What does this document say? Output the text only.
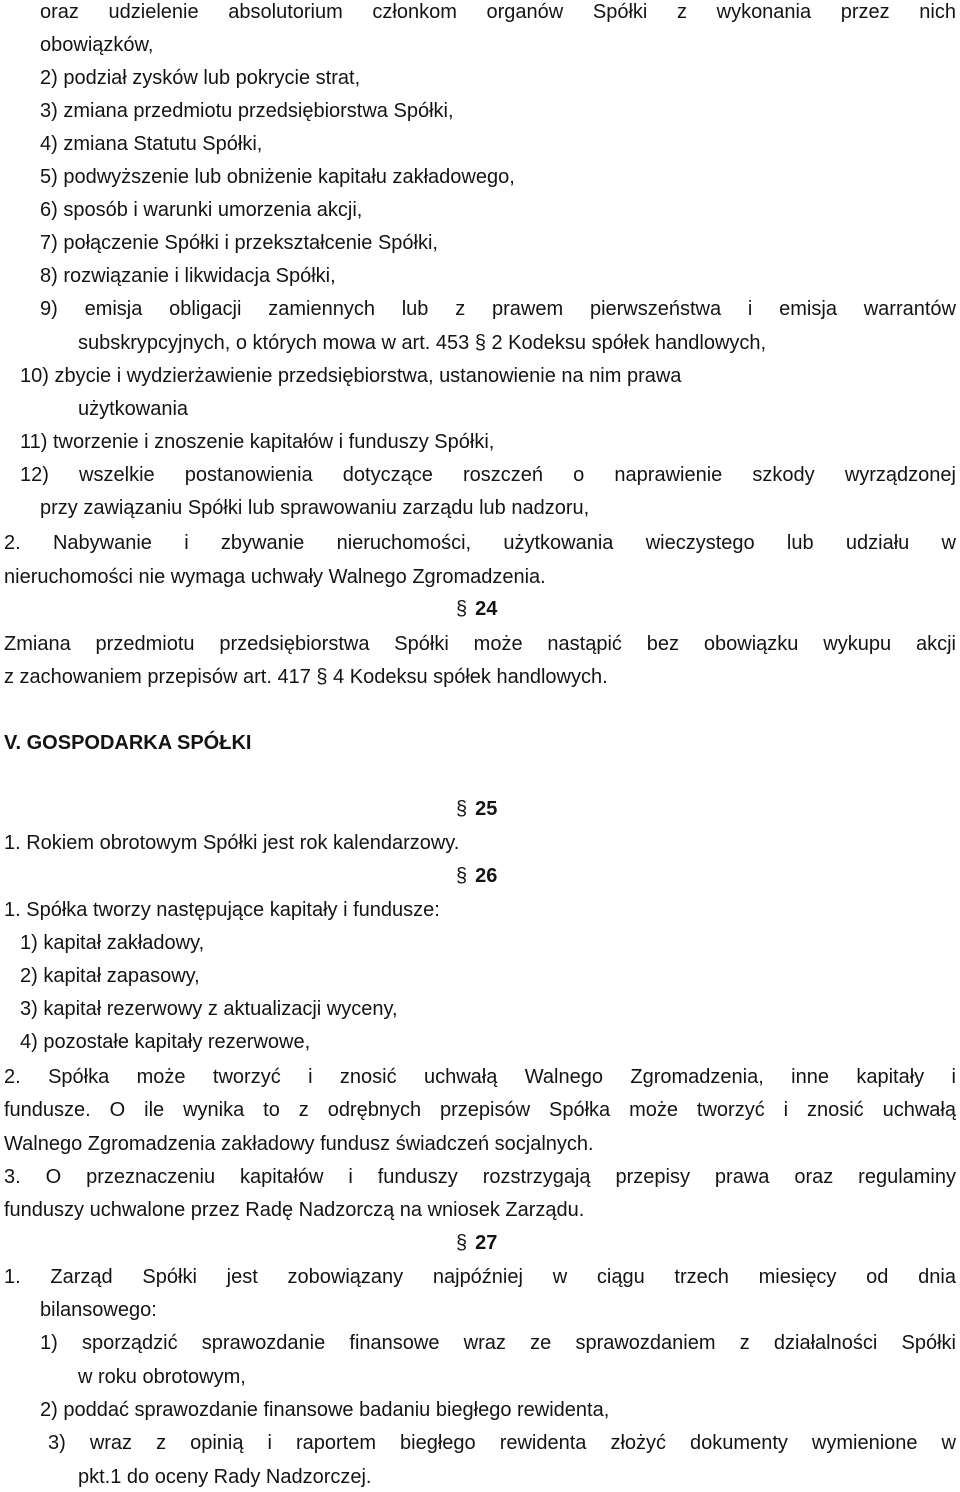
oraz udzielenie absolutorium członkom organów Spółki z wykonania przez nich

obowiązków,

2) podział zysków lub pokrycie strat,

3) zmiana przedmiotu przedsiębiorstwa Spółki,

4) zmiana Statutu Spółki,

5) podwyższenie lub obniżenie kapitału zakładowego,

6) sposób i warunki umorzenia akcji,

7) połączenie Spółki i przekształcenie Spółki,

8) rozwiązanie i likwidacja Spółki,

9) emisja obligacji zamiennych lub z prawem pierwszeństwa i emisja warrantów

subskrypcyjnych, o których mowa w art. 453 § 2 Kodeksu spółek handlowych,

10) zbycie i wydzierżawienie przedsiębiorstwa, ustanowienie na nim prawa

użytkowania

11) tworzenie i znoszenie kapitałów i funduszy Spółki,

12) wszelkie postanowienia dotyczące roszczeń o naprawienie szkody wyrządzonej

przy zawiązaniu Spółki lub sprawowaniu zarządu lub nadzoru,

2. Nabywanie i zbywanie nieruchomości, użytkowania wieczystego lub udziału w

nieruchomości nie wymaga uchwały Walnego Zgromadzenia.

§ 24

Zmiana przedmiotu przedsiębiorstwa Spółki może nastąpić bez obowiązku wykupu akcji

z zachowaniem przepisów art. 417 § 4 Kodeksu spółek handlowych.

V. GOSPODARKA SPÓŁKI

§ 25

1. Rokiem obrotowym Spółki jest rok kalendarzowy.

§ 26

1. Spółka tworzy następujące kapitały i fundusze:

1) kapitał zakładowy,

2) kapitał zapasowy,

3) kapitał rezerwowy z aktualizacji wyceny,

4) pozostałe kapitały rezerwowe,

2. Spółka może tworzyć i znosić uchwałą Walnego Zgromadzenia, inne kapitały i

fundusze. O ile wynika to z odrębnych przepisów Spółka może tworzyć i znosić uchwałą

Walnego Zgromadzenia zakładowy fundusz świadczeń socjalnych.

3. O przeznaczeniu kapitałów i funduszy rozstrzygają przepisy prawa oraz regulaminy

funduszy uchwalone przez Radę Nadzorczą na wniosek Zarządu.

§ 27

1. Zarząd Spółki jest zobowiązany najpóźniej w ciągu trzech miesięcy od dnia

bilansowego:

1) sporządzić sprawozdanie finansowe wraz ze sprawozdaniem z działalności Spółki

w roku obrotowym,

2) poddać sprawozdanie finansowe badaniu biegłego rewidenta,

3) wraz z opinią i raportem biegłego rewidenta złożyć dokumenty wymienione w

pkt.1 do oceny Rady Nadzorczej.
